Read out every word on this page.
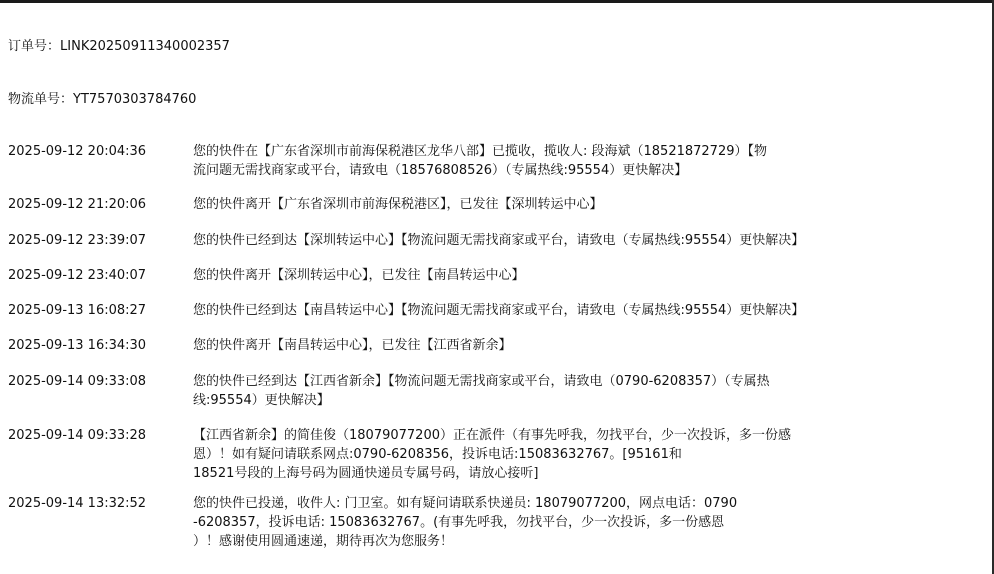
订单号：LINK20250911340002357
物流单号：YT7570303784760
2025-09-12 20:04:36	您的快件在【广东省深圳市前海保税港区龙华八部】已揽收，揽收人: 段海斌（18521872729）【物
流问题无需找商家或平台，请致电（18576808526）（专属热线:95554）更快解决】
2025-09-12 21:20:06	您的快件离开【广东省深圳市前海保税港区】，已发往【深圳转运中心】
2025-09-12 23:39:07	您的快件已经到达【深圳转运中心】【物流问题无需找商家或平台，请致电（专属热线:95554）更快解决】
2025-09-12 23:40:07	您的快件离开【深圳转运中心】，已发往【南昌转运中心】
2025-09-13 16:08:27	您的快件已经到达【南昌转运中心】【物流问题无需找商家或平台，请致电（专属热线:95554）更快解决】
2025-09-13 16:34:30	您的快件离开【南昌转运中心】，已发往【江西省新余】
2025-09-14 09:33:08	您的快件已经到达【江西省新余】【物流问题无需找商家或平台，请致电（0790-6208357）（专属热
线:95554）更快解决】
2025-09-14 09:33:28	【江西省新余】的简佳俊（18079077200）正在派件（有事先呼我，勿找平台，少一次投诉，多一份感
恩）！如有疑问请联系网点:0790-6208356，投诉电话:15083632767。[95161和
18521号段的上海号码为圆通快递员专属号码，请放心接听]
2025-09-14 13:32:52	您的快件已投递，收件人: 门卫室。如有疑问请联系快递员: 18079077200，网点电话：0790
-6208357，投诉电话: 15083632767。(有事先呼我，勿找平台，少一次投诉，多一份感恩
）！感谢使用圆通速递，期待再次为您服务！
